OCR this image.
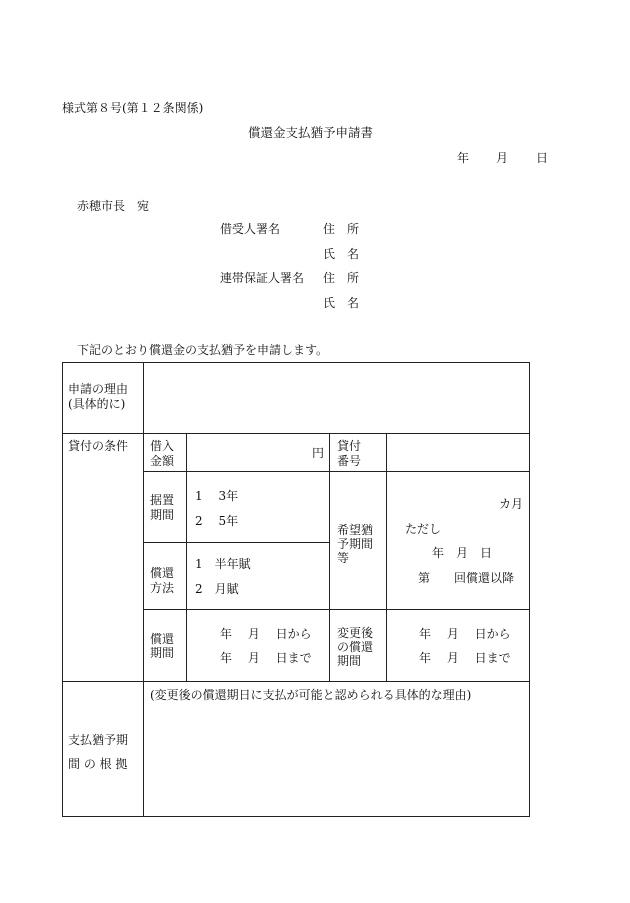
様式第８号(第１２条関係)
償還金支払猶予申請書
年 月 日
赤穂市長　宛
借受人署名	住　所
氏　名
連帯保証人署名 住　所
氏　名
下記のとおり償還金の支払猶予を申請します。
申請の理由
(具体的に)
貸付の条件 借入
金額
円 貸付
番号
据置
期間
1　 3年
2　 5年
希望猶
予期間
等
カ月
ただし
年　月　日
第　　回償還以降
償還
方法
1　半年賦
2　月賦
償還
期間
年　 月　 日から
年　 月　 日まで
変更後
の償還
期間
年　 月　 日から
年　 月　 日まで
(変更後の償還期日に支払が可能と認められる具体的な理由)
支払猶予期
間 の 根 拠
